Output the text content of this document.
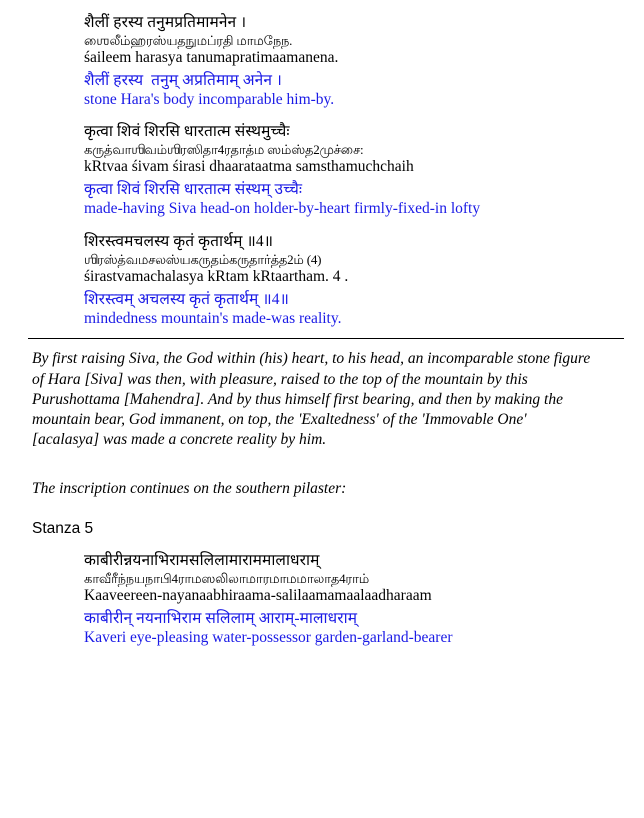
शैलीं हरस्य तनुमप्रतिमामनेन ।
ஶைலீம்ஹரஸ்யதநுமப்ரதி மாமநேந.
śaileem harasya tanumapratimaamanena.
शैलीं हरस्य  तनुम् अप्रतिमाम् अनेन ।
stone Hara's body incomparable him-by.
कृत्वा शिवं शिरसि धारतात्म संस्थमुच्चैः
கருத்வாஶிவம்ஶிரஸிதா4ரதாத்ம ஸம்ஸ்த2முச்சை:
kRtvaa śivam śirasi dhaarataatma samsthamuchchaih
कृत्वा शिवं शिरसि धारतात्म संस्थम् उच्चैः
made-having Siva head-on holder-by-heart firmly-fixed-in lofty
शिरस्त्वमचलस्य कृतं कृतार्थम् ॥4॥
ஶிரஸ்த்வமசலஸ்யகருதம்கருதார்த்த2ம் (4)
śirastvamachalasya kRtam kRtaartham. 4 .
शिरस्त्वम् अचलस्य कृतं कृतार्थम् ॥4॥
mindedness mountain's made-was reality.

By first raising Siva, the God within (his) heart, to his head, an incomparable stone figure of Hara [Siva] was then, with pleasure, raised to the top of the mountain by this Purushottama [Mahendra]. And by thus himself first bearing, and then by making the mountain bear, God immanent, on top, the 'Exaltedness' of the 'Immovable One' [acalasya] was made a concrete reality by him.

The inscription continues on the southern pilaster:

Stanza 5

काबीरीन्नयनाभिरामसलिलामाराममालाधराम्
காவீரீந்நயநாபி4ராமஸலிலாமாரமாமமாலாத4ராம்
Kaaveereen-nayanaabhiraama-salilaamamaalaadharaam
काबीरीन् नयनाभिराम सलिलाम् आराम्-मालाधराम्
Kaveri eye-pleasing water-possessor garden-garland-bearer
